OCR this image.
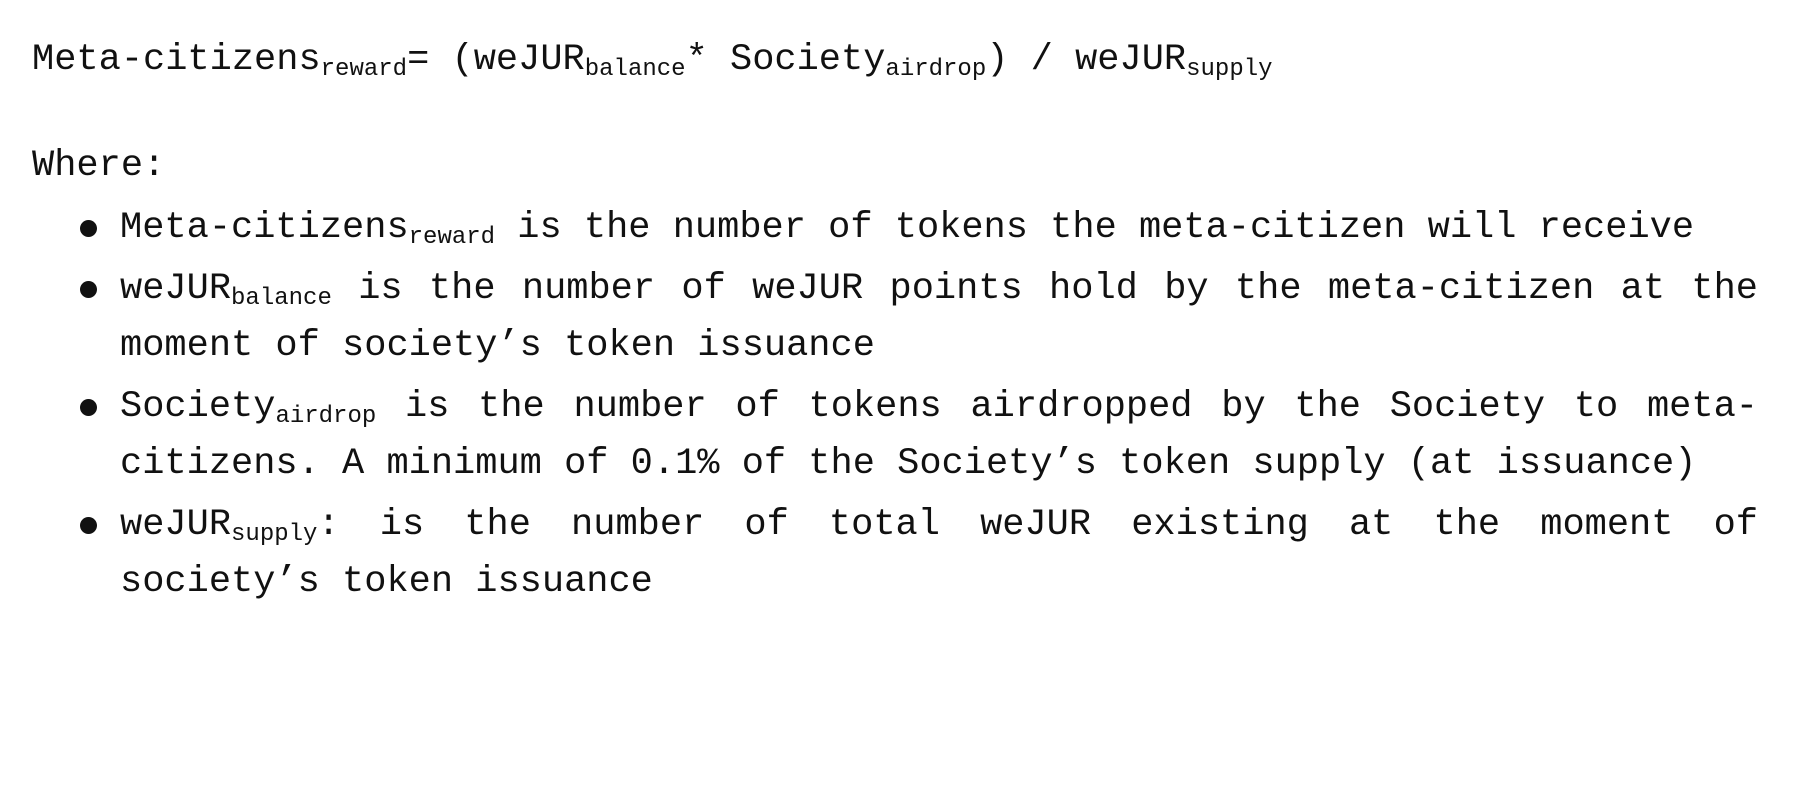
Meta-citizens$_{reward}$= (weJUR$_{balance}$* Society$_{airdrop}$) / weJUR$_{supply}$
Where:
Meta-citizens$_{reward}$ is the number of tokens the meta-citizen will receive
weJUR$_{balance}$ is the number of weJUR points hold by the meta-citizen at the moment of society’s token issuance
Society$_{airdrop}$ is the number of tokens airdropped by the Society to meta-citizens. A minimum of 0.1% of the Society’s token supply (at issuance)
weJUR$_{supply}$: is the number of total weJUR existing at the moment of society’s token issuance
